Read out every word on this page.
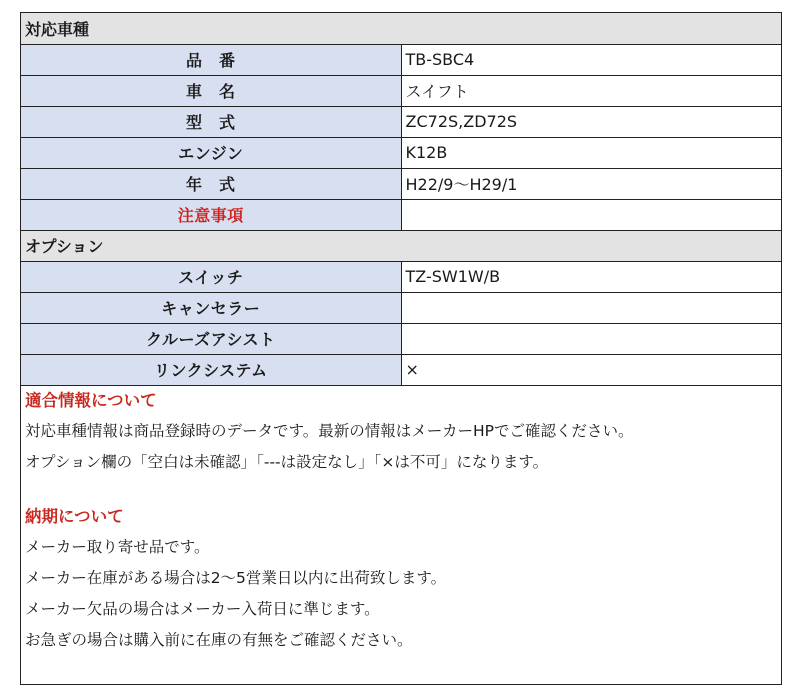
対応車種	
品　番	TB-SBC4
車　名	スイフト
型　式	ZC72S,ZD72S
エンジン	K12B
年　式	H22/9〜H29/1
注意事項	
オプション	
スイッチ	TZ-SW1W/B
キャンセラー	
クルーズアシスト	
リンクシステム	×
適合情報について
対応車種情報は商品登録時のデータです。最新の情報はメーカーHPでご確認ください。
オプション欄の「空白は未確認」「---は設定なし」「×は不可」になります。
納期について
メーカー取り寄せ品です。
メーカー在庫がある場合は2〜5営業日以内に出荷致します。
メーカー欠品の場合はメーカー入荷日に準じます。
お急ぎの場合は購入前に在庫の有無をご確認ください。
